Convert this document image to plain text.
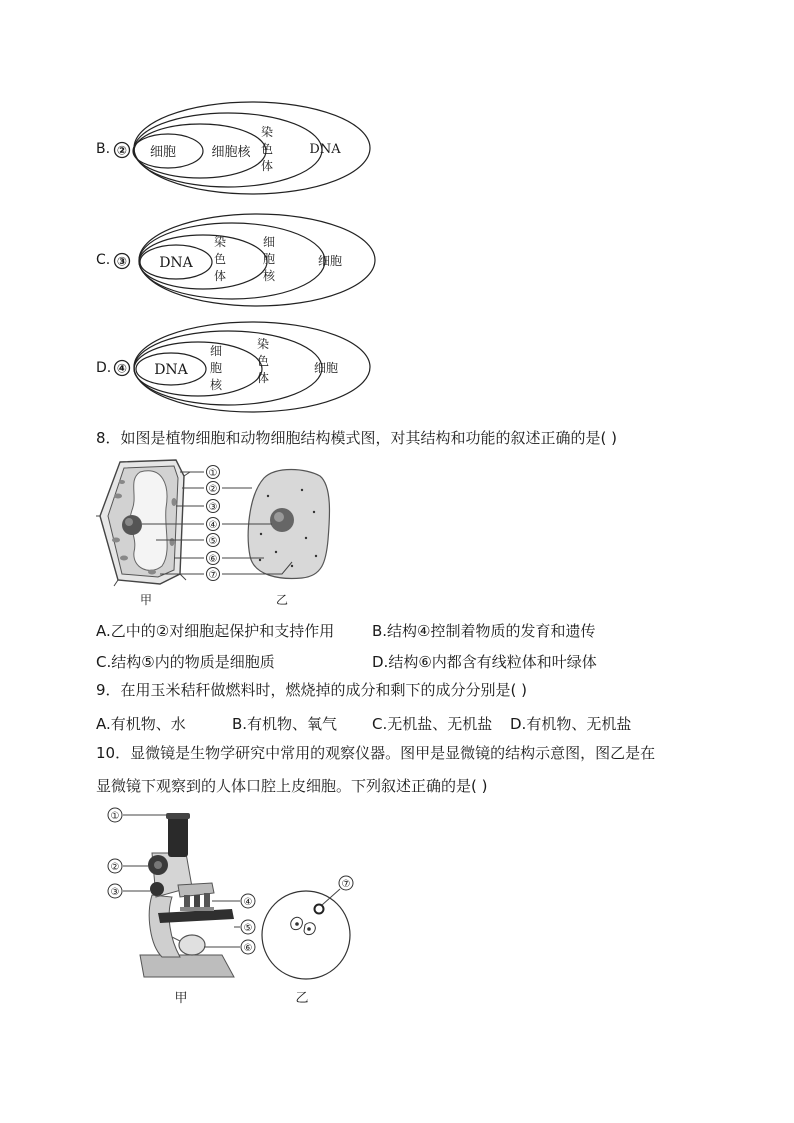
B. ② 细胞	细胞核
染
色
体
DNA
C. ③ DNA
染
色
体
细
胞
核
细胞
D. ④ DNA
细
胞
核
染
色
体
细胞
8．如图是植物细胞和动物细胞结构模式图，对其结构和功能的叙述正确的是( )
①
②
③
④
⑤
⑥
⑦
甲	乙
A.乙中的②对细胞起保护和支持作用	B.结构④控制着物质的发育和遗传
C.结构⑤内的物质是细胞质	D.结构⑥内都含有线粒体和叶绿体
9．在用玉米秸秆做燃料时，燃烧掉的成分和剩下的成分分别是( )
A.有机物、水	B.有机物、氧气 C.无机盐、无机盐 D.有机物、无机盐
10．显微镜是生物学研究中常用的观察仪器。图甲是显微镜的结构示意图，图乙是在
显微镜下观察到的人体口腔上皮细胞。下列叙述正确的是( )
①
②
③
④
⑤
⑥
⑦
甲	乙
